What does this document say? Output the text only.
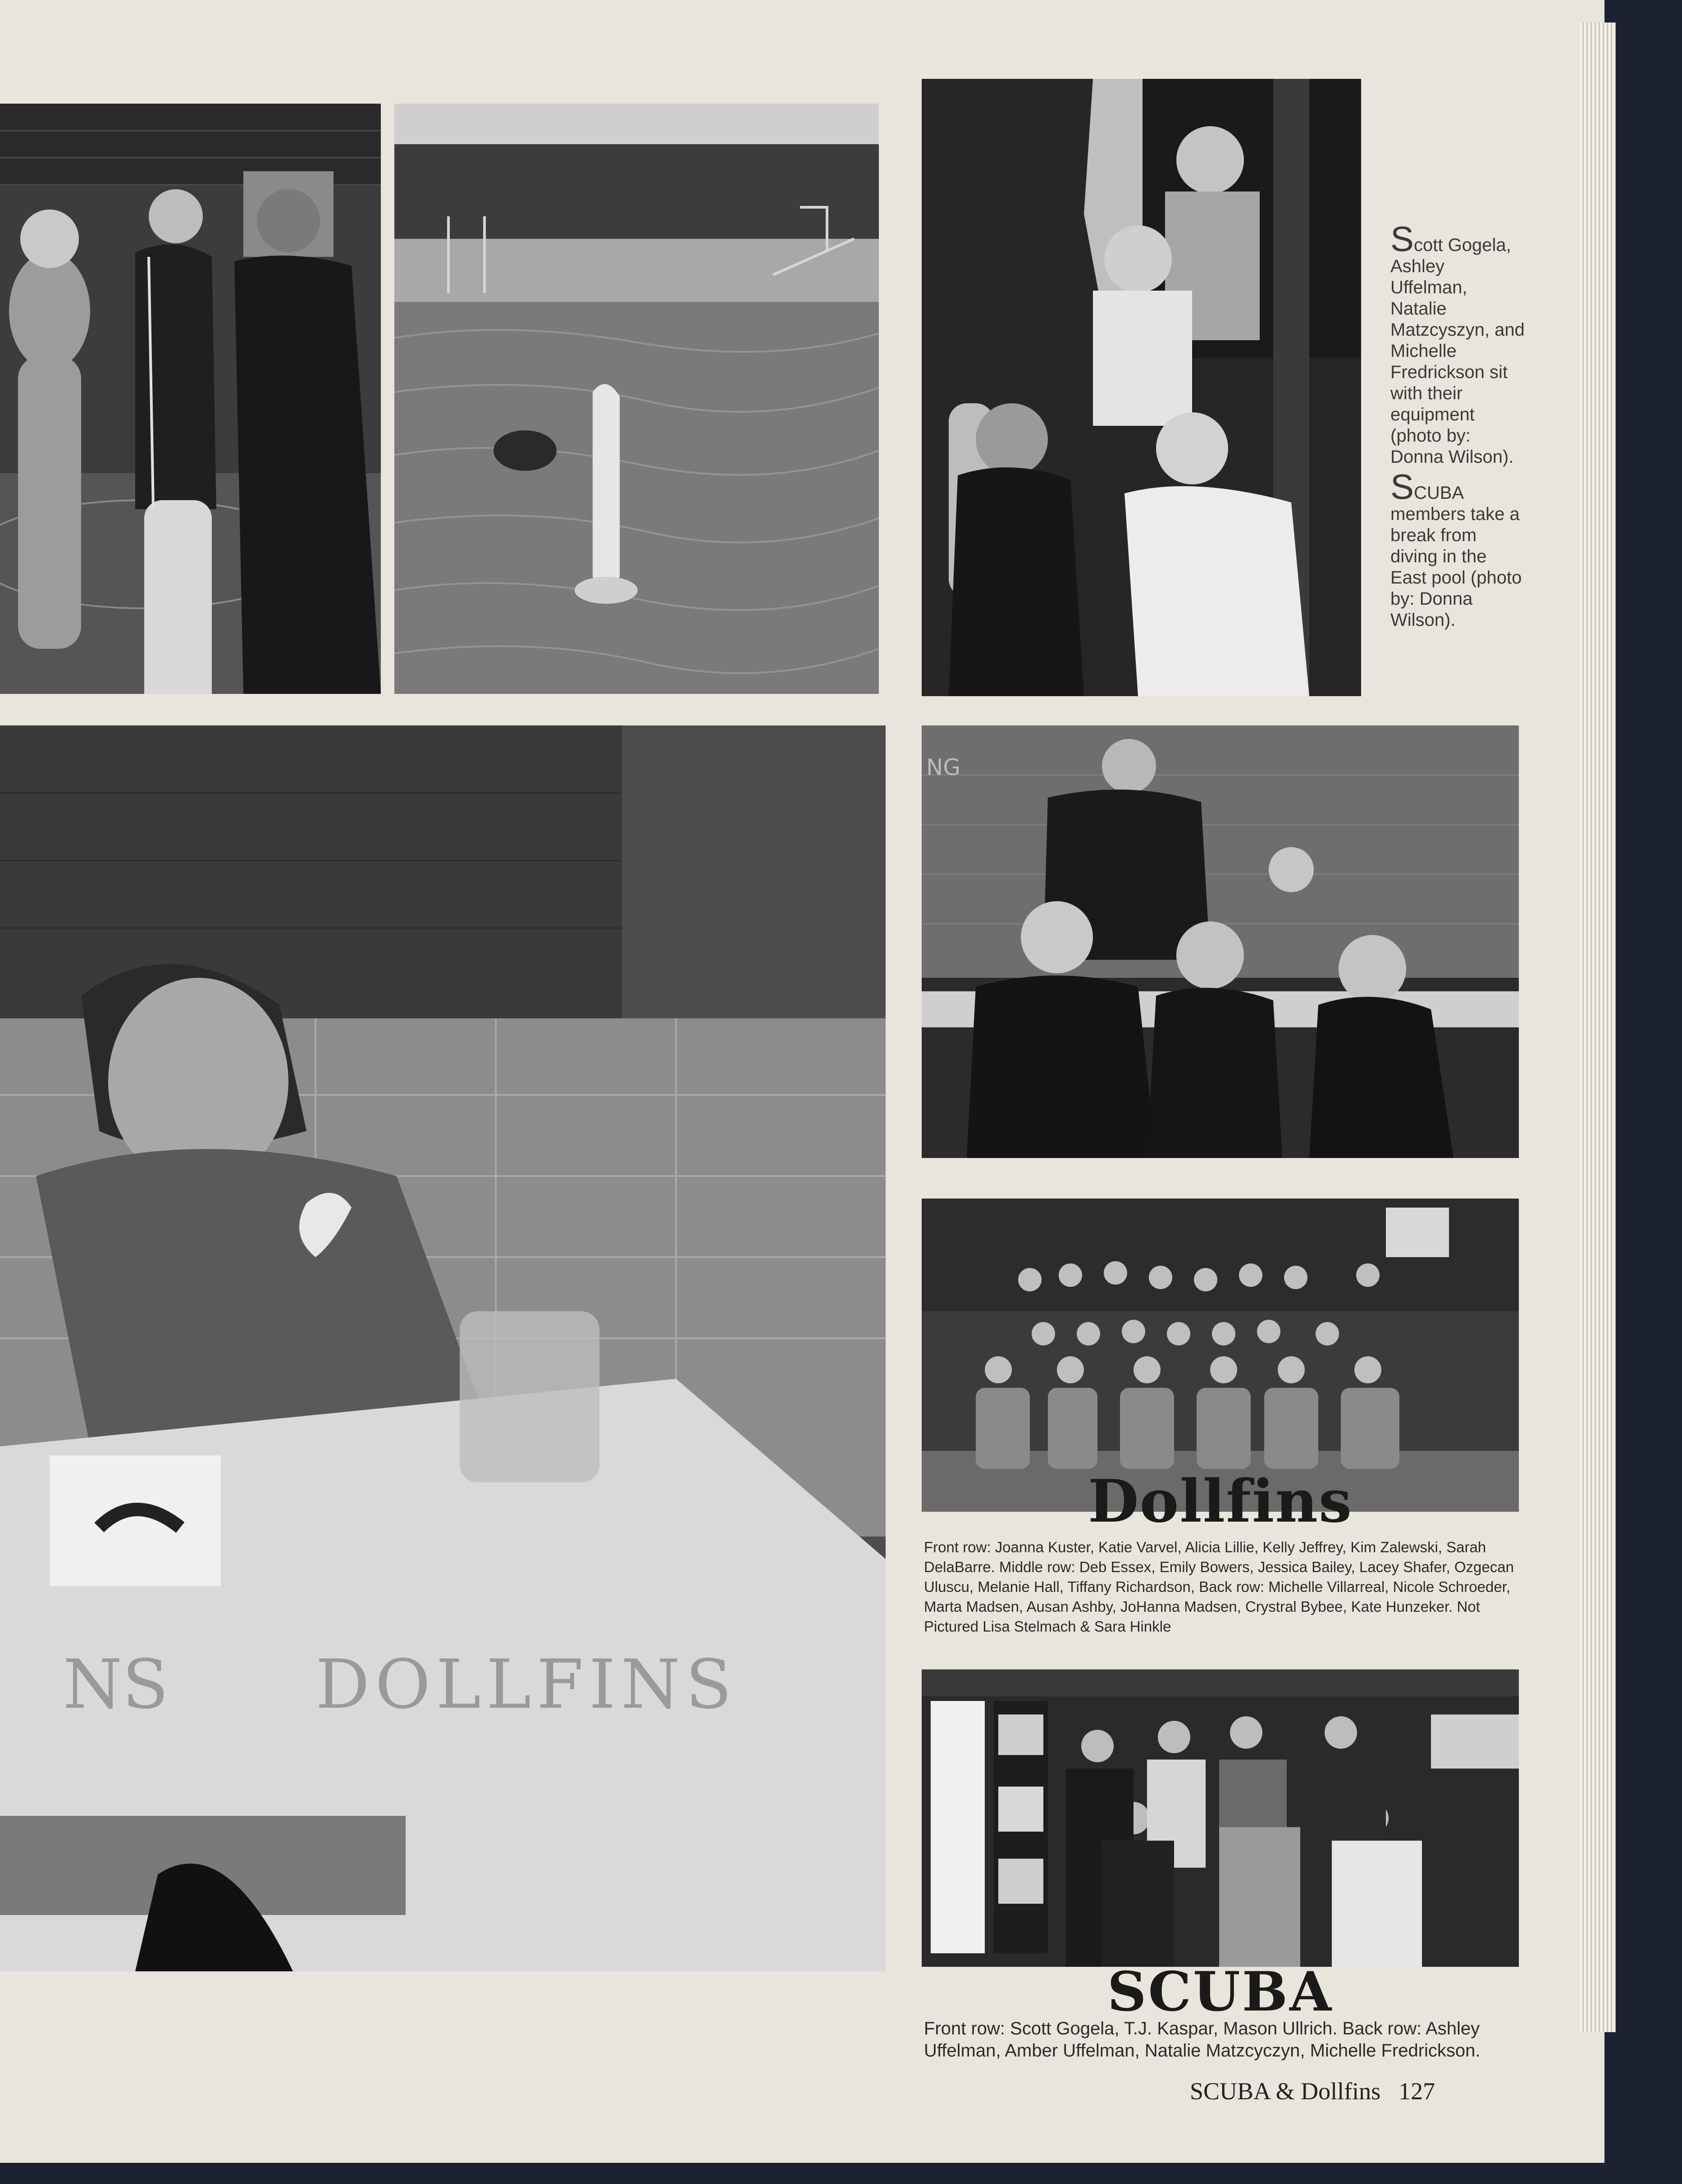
Scott Gogela, Ashley Uffelman, Natalie Matzcyszyn, and Michelle Fredrickson sit with their equipment (photo by: Donna Wilson).

SCUBA members take a break from diving in the East pool (photo by: Donna Wilson).

NS DOLLFINS
NG
Dollfins
Front row: Joanna Kuster, Katie Varvel, Alicia Lillie, Kelly Jeffrey, Kim Zalewski, Sarah DelaBarre. Middle row: Deb Essex, Emily Bowers, Jessica Bailey, Lacey Shafer, Ozgecan Uluscu, Melanie Hall, Tiffany Richardson, Back row: Michelle Villarreal, Nicole Schroeder, Marta Madsen, Ausan Ashby, JoHanna Madsen, Crystral Bybee, Kate Hunzeker. Not Pictured Lisa Stelmach & Sara Hinkle
SCUBA
Front row: Scott Gogela, T.J. Kaspar, Mason Ullrich. Back row: Ashley Uffelman, Amber Uffelman, Natalie Matzcyczyn, Michelle Fredrickson.
SCUBA & Dollfins 127
